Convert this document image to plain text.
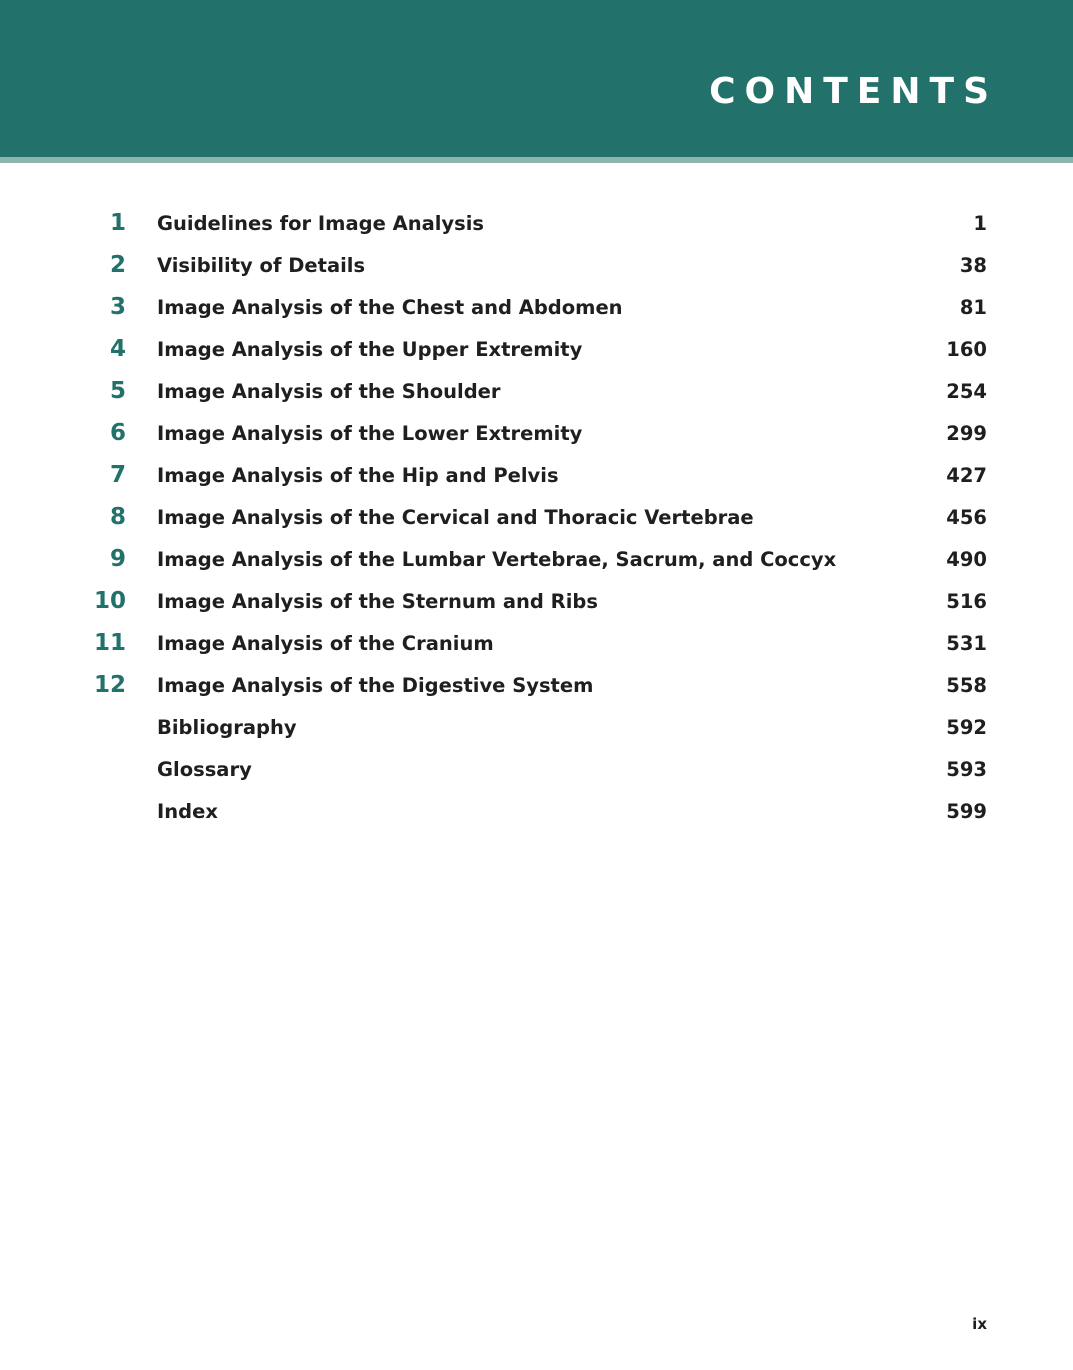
CONTENTS
1 Guidelines for Image Analysis	1
2 Visibility of Details	38
3 Image Analysis of the Chest and Abdomen	81
4 Image Analysis of the Upper Extremity	160
5 Image Analysis of the Shoulder	254
6 Image Analysis of the Lower Extremity	299
7 Image Analysis of the Hip and Pelvis	427
8 Image Analysis of the Cervical and Thoracic Vertebrae	456
9 Image Analysis of the Lumbar Vertebrae, Sacrum, and Coccyx	490
10 Image Analysis of the Sternum and Ribs	516
11 Image Analysis of the Cranium	531
12 Image Analysis of the Digestive System	558
Bibliography	592
Glossary	593
Index	599
ix
